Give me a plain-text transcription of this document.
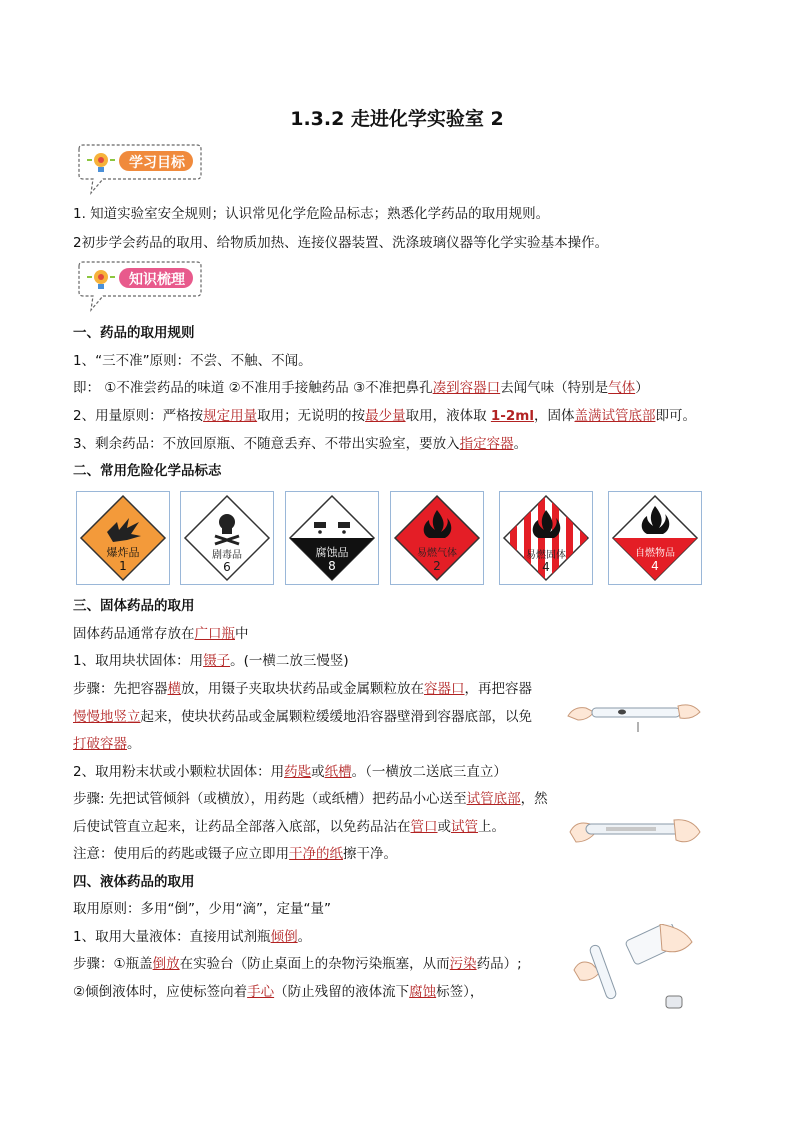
1.3.2 走进化学实验室 2
学习目标
1. 知道实验室安全规则；认识常见化学危险品标志；熟悉化学药品的取用规则。
2初步学会药品的取用、给物质加热、连接仪器装置、洗涤玻璃仪器等化学实验基本操作。
知识梳理
一、药品的取用规则
1、“三不准”原则：不尝、不触、不闻。
即： ①不准尝药品的味道 ②不准用手接触药品 ③不准把鼻孔凑到容器口去闻气味（特别是气体）
2、用量原则：严格按规定用量取用；无说明的按最少量取用，液体取 1-2ml，固体盖满试管底部即可。
3、剩余药品：不放回原瓶、不随意丢弃、不带出实验室，要放入指定容器。
二、常用危险化学品标志
爆炸品
1
剧毒品
6
腐蚀品
8
易燃气体
2
易燃固体
4
自燃物品
4
三、固体药品的取用
固体药品通常存放在广口瓶中
1、取用块状固体：用镊子。(一横二放三慢竖)
步骤：先把容器横放，用镊子夹取块状药品或金属颗粒放在容器口，再把容器
慢慢地竖立起来，使块状药品或金属颗粒缓缓地沿容器壁滑到容器底部，以免
打破容器。
2、取用粉末状或小颗粒状固体：用药匙或纸槽。（一横放二送底三直立）
步骤: 先把试管倾斜（或横放），用药匙（或纸槽）把药品小心送至试管底部，然
后使试管直立起来，让药品全部落入底部，以免药品沾在管口或试管上。
注意：使用后的药匙或镊子应立即用干净的纸擦干净。
四、液体药品的取用
取用原则：多用“倒”，少用“滴”，定量“量”
1、取用大量液体：直接用试剂瓶倾倒。
步骤：①瓶盖倒放在实验台（防止桌面上的杂物污染瓶塞，从而污染药品）;
②倾倒液体时，应使标签向着手心（防止残留的液体流下腐蚀标签），
